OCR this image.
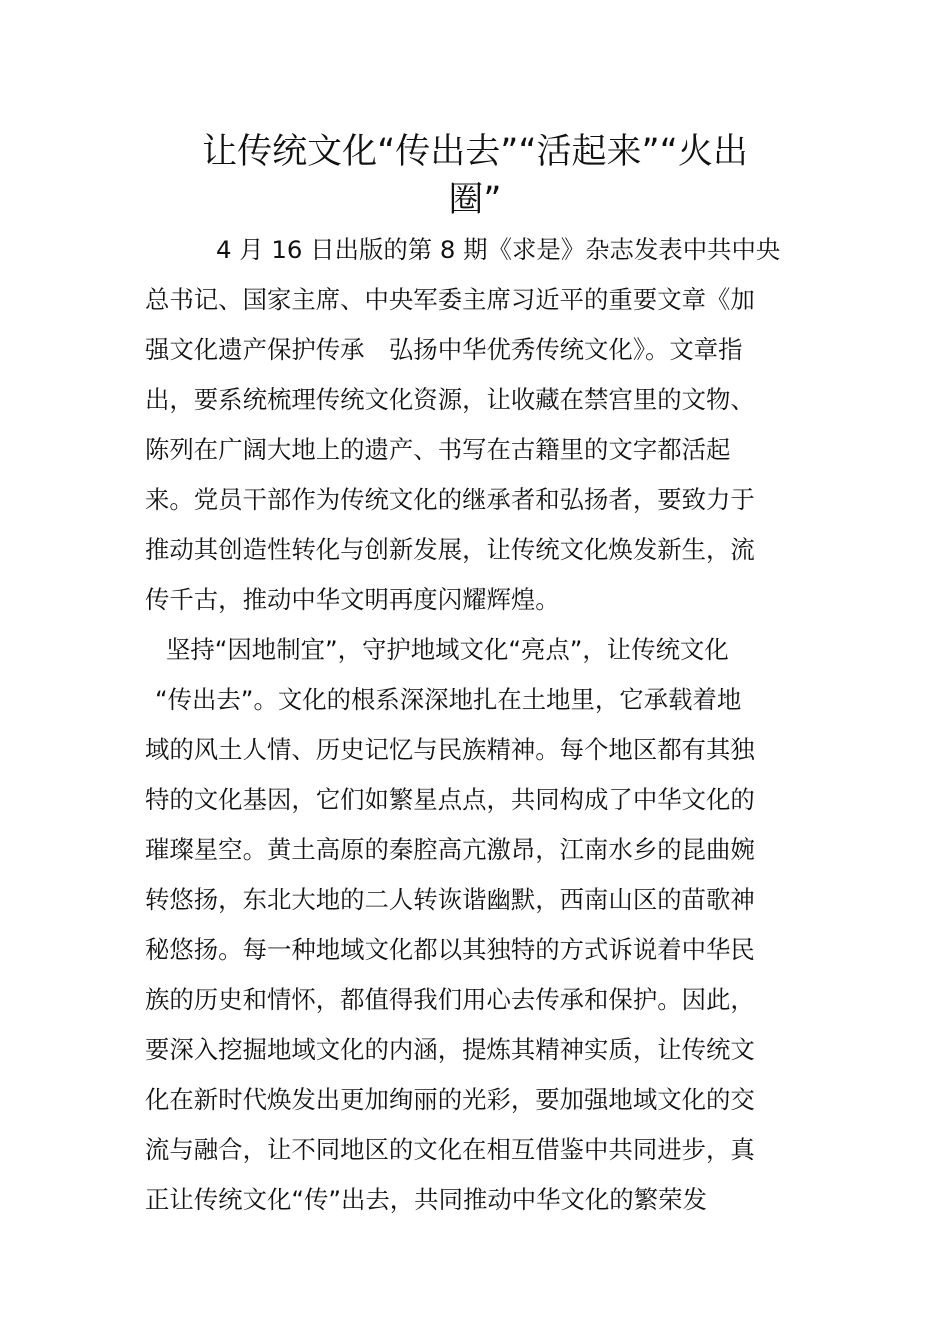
让传统文化“传出去”“活起来”“火出
圈”
4 月 16 日出版的第 8 期《求是》杂志发表中共中央
总书记、国家主席、中央军委主席习近平的重要文章《加
强文化遗产保护传承　弘扬中华优秀传统文化》。文章指
出，要系统梳理传统文化资源，让收藏在禁宫里的文物、
陈列在广阔大地上的遗产、书写在古籍里的文字都活起
来。党员干部作为传统文化的继承者和弘扬者，要致力于
推动其创造性转化与创新发展，让传统文化焕发新生，流
传千古，推动中华文明再度闪耀辉煌。
坚持“因地制宜”，守护地域文化“亮点”，让传统文化
“传出去”。文化的根系深深地扎在土地里，它承载着地
域的风土人情、历史记忆与民族精神。每个地区都有其独
特的文化基因，它们如繁星点点，共同构成了中华文化的
璀璨星空。黄土高原的秦腔高亢激昂，江南水乡的昆曲婉
转悠扬，东北大地的二人转诙谐幽默，西南山区的苗歌神
秘悠扬。每一种地域文化都以其独特的方式诉说着中华民
族的历史和情怀，都值得我们用心去传承和保护。因此，
要深入挖掘地域文化的内涵，提炼其精神实质，让传统文
化在新时代焕发出更加绚丽的光彩，要加强地域文化的交
流与融合，让不同地区的文化在相互借鉴中共同进步，真
正让传统文化“传”出去，共同推动中华文化的繁荣发
